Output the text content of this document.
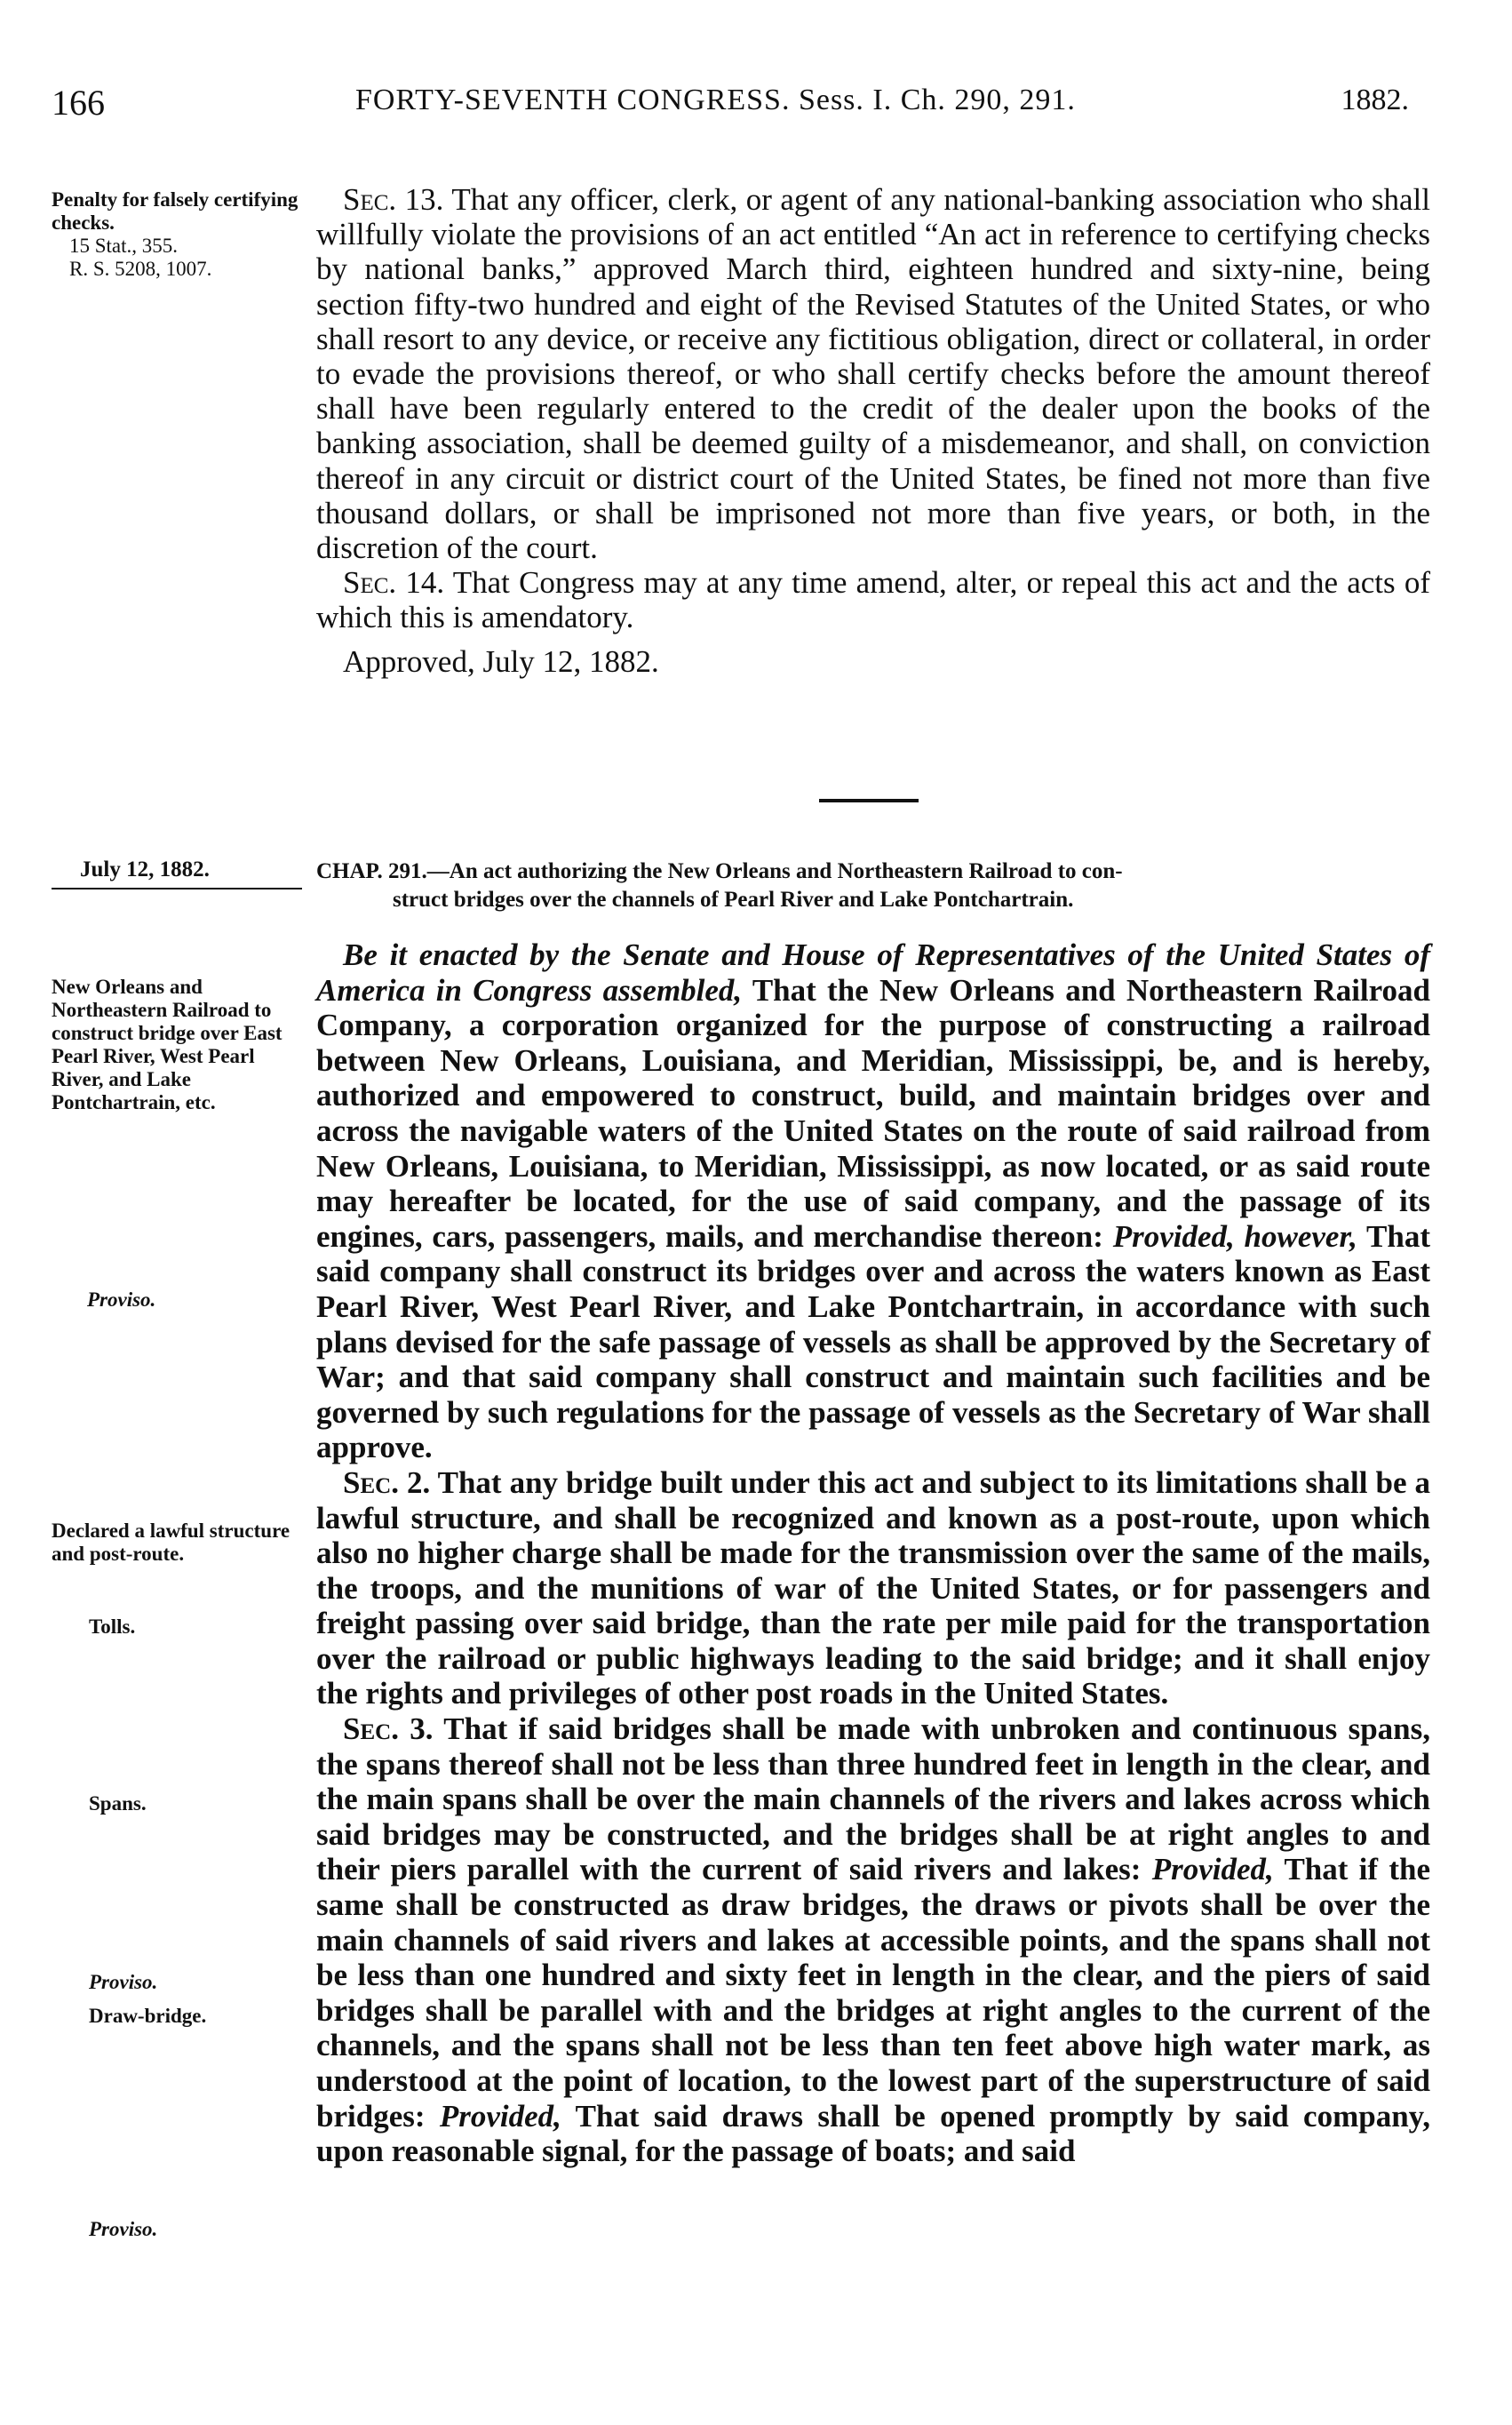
166	FORTY-SEVENTH CONGRESS. Sess. I. Ch. 290, 291.	1882.
Penalty for falsely certifying checks.
15 Stat., 355.
R. S. 5208, 1007.

Sec. 13. That any officer, clerk, or agent of any national-banking association who shall willfully violate the provisions of an act entitled “An act in reference to certifying checks by national banks,” approved March third, eighteen hundred and sixty-nine, being section fifty-two hundred and eight of the Revised Statutes of the United States, or who shall resort to any device, or receive any fictitious obligation, direct or collateral, in order to evade the provisions thereof, or who shall certify checks before the amount thereof shall have been regularly entered to the credit of the dealer upon the books of the banking association, shall be deemed guilty of a misdemeanor, and shall, on conviction thereof in any circuit or district court of the United States, be fined not more than five thousand dollars, or shall be imprisoned not more than five years, or both, in the discretion of the court.

Sec. 14. That Congress may at any time amend, alter, or repeal this act and the acts of which this is amendatory.

Approved, July 12, 1882.

July 12, 1882.	CHAP. 291.—An act authorizing the New Orleans and Northeastern Railroad to con-
struct bridges over the channels of Pearl River and Lake Pontchartrain.
New Orleans and Northeastern Railroad to construct bridge over East Pearl River, West Pearl River, and Lake Pontchartrain, etc.
Proviso.
Declared a lawful structure and post-route.
Tolls.
Spans.
Proviso.
Draw-bridge.
Proviso.

Be it enacted by the Senate and House of Representatives of the United States of America in Congress assembled, That the New Orleans and Northeastern Railroad Company, a corporation organized for the purpose of constructing a railroad between New Orleans, Louisiana, and Meridian, Mississippi, be, and is hereby, authorized and empowered to construct, build, and maintain bridges over and across the navigable waters of the United States on the route of said railroad from New Orleans, Louisiana, to Meridian, Mississippi, as now located, or as said route may hereafter be located, for the use of said company, and the passage of its engines, cars, passengers, mails, and merchandise thereon: Provided, however, That said company shall construct its bridges over and across the waters known as East Pearl River, West Pearl River, and Lake Pontchartrain, in accordance with such plans devised for the safe passage of vessels as shall be approved by the Secretary of War; and that said company shall construct and maintain such facilities and be governed by such regulations for the passage of vessels as the Secretary of War shall approve.

Sec. 2. That any bridge built under this act and subject to its limitations shall be a lawful structure, and shall be recognized and known as a post-route, upon which also no higher charge shall be made for the transmission over the same of the mails, the troops, and the munitions of war of the United States, or for passengers and freight passing over said bridge, than the rate per mile paid for the transportation over the railroad or public highways leading to the said bridge; and it shall enjoy the rights and privileges of other post roads in the United States.

Sec. 3. That if said bridges shall be made with unbroken and continuous spans, the spans thereof shall not be less than three hundred feet in length in the clear, and the main spans shall be over the main channels of the rivers and lakes across which said bridges may be constructed, and the bridges shall be at right angles to and their piers parallel with the current of said rivers and lakes: Provided, That if the same shall be constructed as draw bridges, the draws or pivots shall be over the main channels of said rivers and lakes at accessible points, and the spans shall not be less than one hundred and sixty feet in length in the clear, and the piers of said bridges shall be parallel with and the bridges at right angles to the current of the channels, and the spans shall not be less than ten feet above high water mark, as understood at the point of location, to the lowest part of the superstructure of said bridges: Provided, That said draws shall be opened promptly by said company, upon reasonable signal, for the passage of boats; and said
